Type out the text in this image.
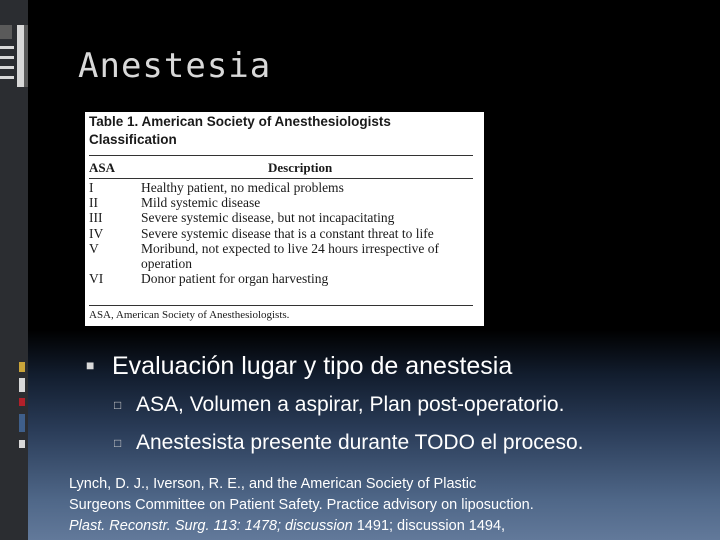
Anestesia
Table 1. American Society of Anesthesiologists Classification
ASA	Description
I	Healthy patient, no medical problems
II	Mild systemic disease
III	Severe systemic disease, but not incapacitating
IV	Severe systemic disease that is a constant threat to life
V	Moribund, not expected to live 24 hours irrespective of operation
VI	Donor patient for organ harvesting
ASA, American Society of Anesthesiologists.
■ Evaluación lugar y tipo de anestesia
□ ASA, Volumen a aspirar, Plan post-operatorio.
□ Anestesista presente durante TODO el proceso.
Lynch, D. J., Iverson, R. E., and the American Society of Plastic
Surgeons Committee on Patient Safety. Practice advisory on liposuction.
Plast. Reconstr. Surg. 113: 1478; discussion 1491; discussion 1494,
